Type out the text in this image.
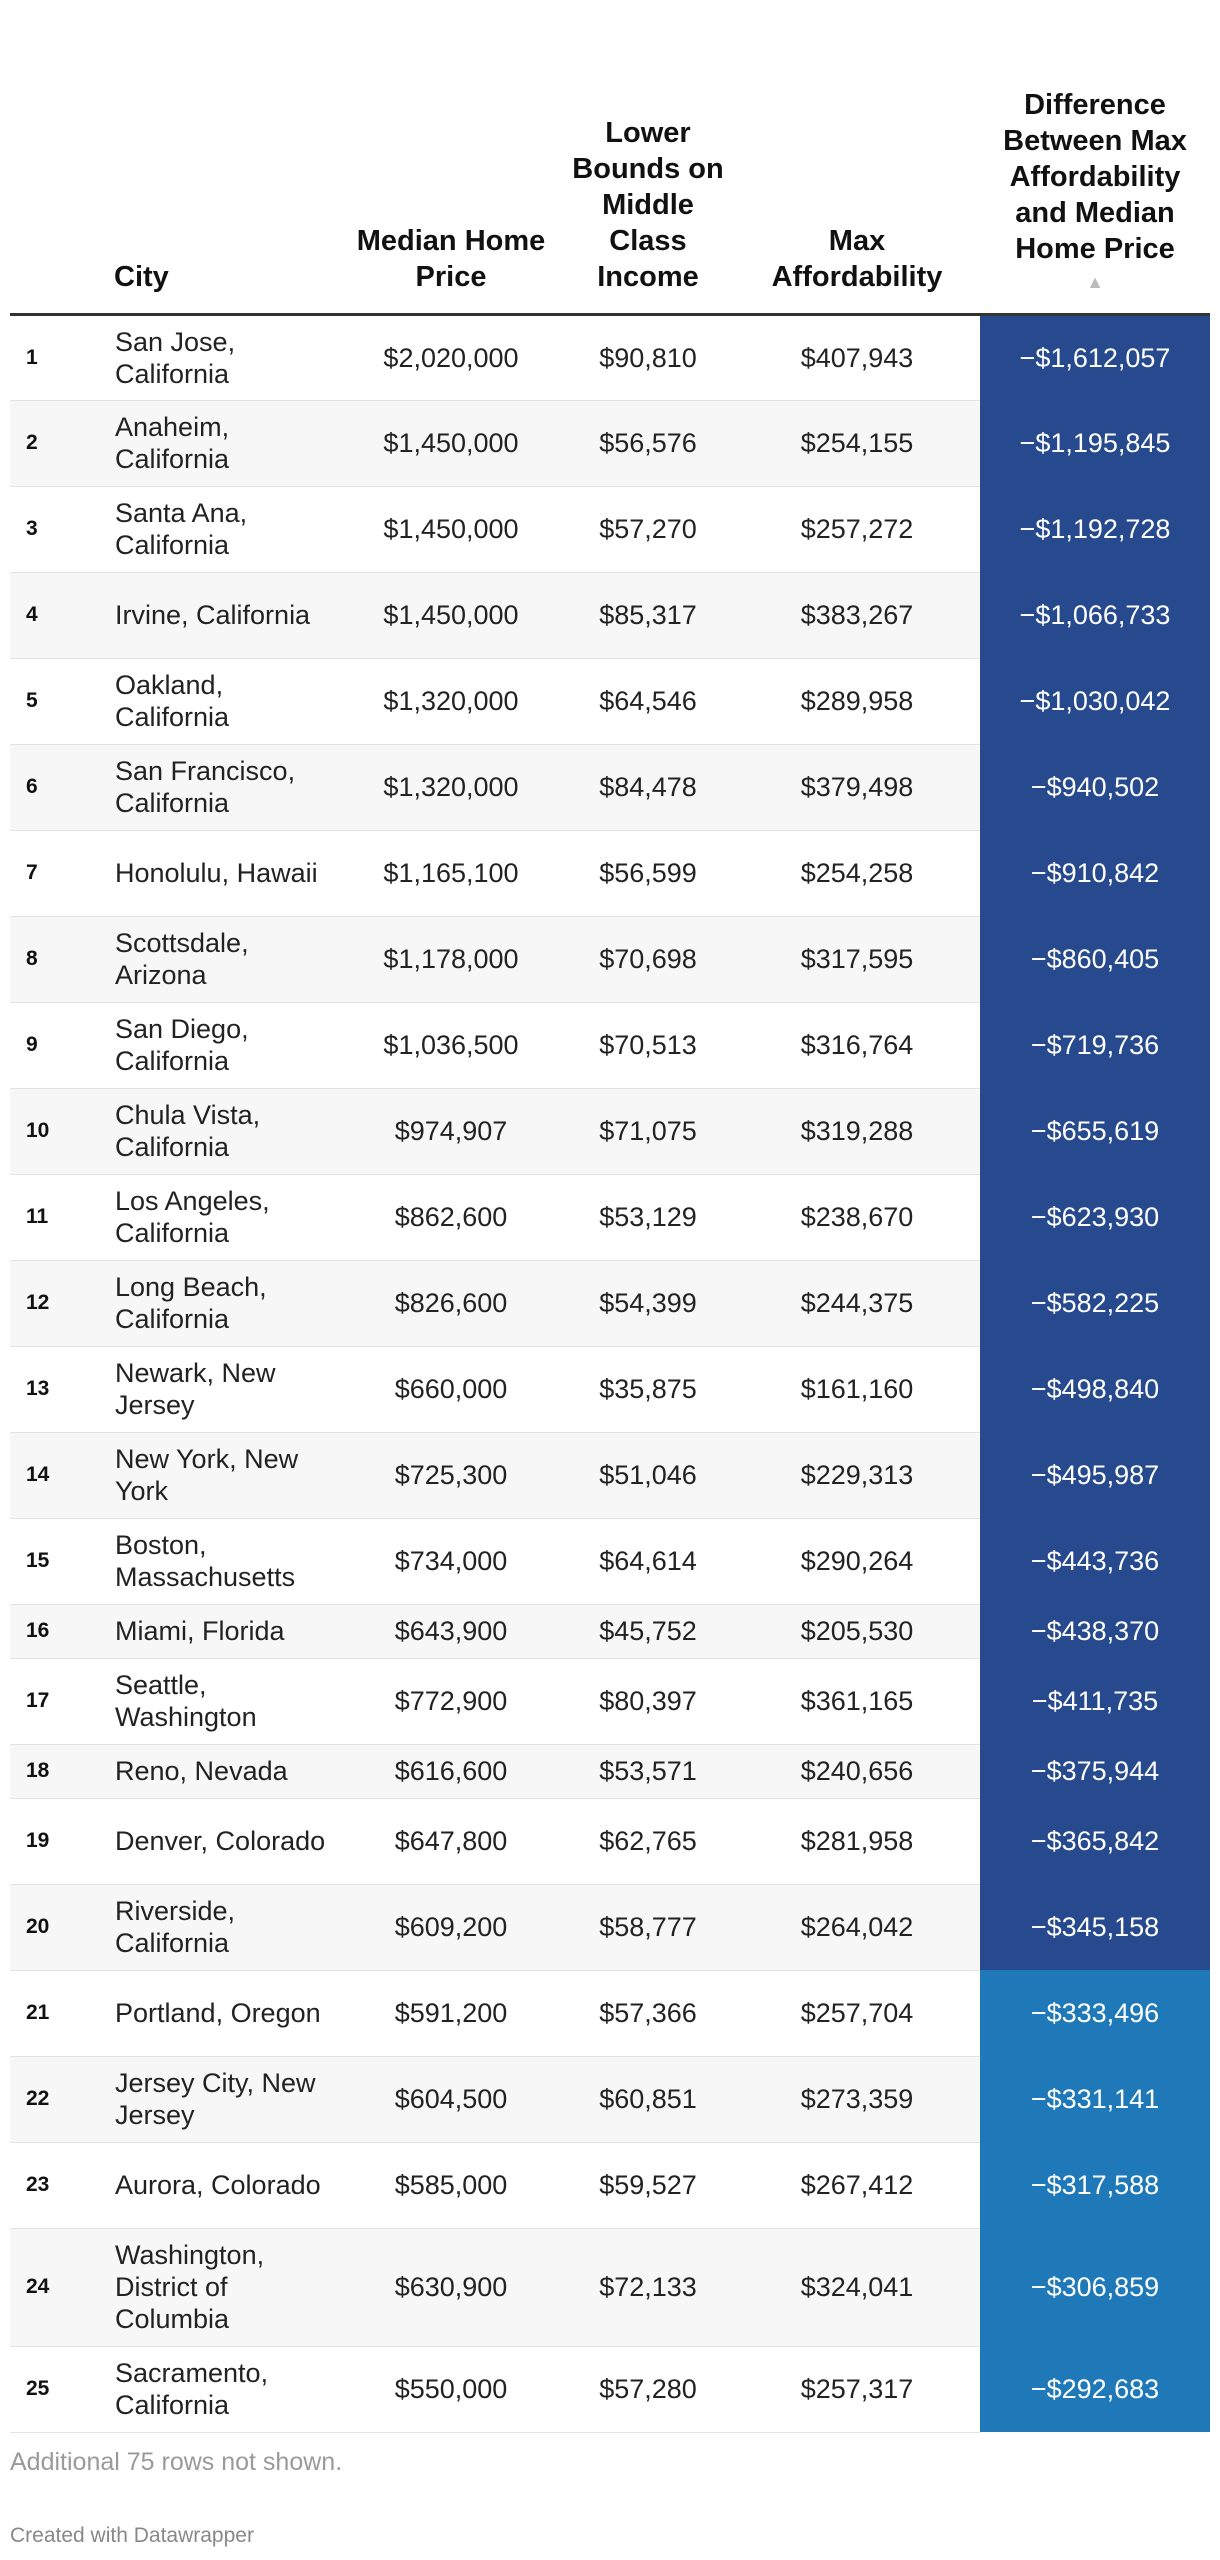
	City	Median Home Price	Lower Bounds on Middle Class Income	Max Affordability	Difference Between Max Affordability and Median Home Price
▲

1	San Jose, California	$2,020,000	$90,810	$407,943	−$1,612,057
2	Anaheim, California	$1,450,000	$56,576	$254,155	−$1,195,845
3	Santa Ana, California	$1,450,000	$57,270	$257,272	−$1,192,728
4	Irvine, California	$1,450,000	$85,317	$383,267	−$1,066,733
5	Oakland, California	$1,320,000	$64,546	$289,958	−$1,030,042
6	San Francisco, California	$1,320,000	$84,478	$379,498	−$940,502
7	Honolulu, Hawaii	$1,165,100	$56,599	$254,258	−$910,842
8	Scottsdale, Arizona	$1,178,000	$70,698	$317,595	−$860,405
9	San Diego, California	$1,036,500	$70,513	$316,764	−$719,736
10	Chula Vista, California	$974,907	$71,075	$319,288	−$655,619
11	Los Angeles, California	$862,600	$53,129	$238,670	−$623,930
12	Long Beach, California	$826,600	$54,399	$244,375	−$582,225
13	Newark, New Jersey	$660,000	$35,875	$161,160	−$498,840
14	New York, New York	$725,300	$51,046	$229,313	−$495,987
15	Boston, Massachusetts	$734,000	$64,614	$290,264	−$443,736
16	Miami, Florida	$643,900	$45,752	$205,530	−$438,370
17	Seattle, Washington	$772,900	$80,397	$361,165	−$411,735
18	Reno, Nevada	$616,600	$53,571	$240,656	−$375,944
19	Denver, Colorado	$647,800	$62,765	$281,958	−$365,842
20	Riverside, California	$609,200	$58,777	$264,042	−$345,158
21	Portland, Oregon	$591,200	$57,366	$257,704	−$333,496
22	Jersey City, New Jersey	$604,500	$60,851	$273,359	−$331,141
23	Aurora, Colorado	$585,000	$59,527	$267,412	−$317,588
24	Washington, District of Columbia	$630,900	$72,133	$324,041	−$306,859
25	Sacramento, California	$550,000	$57,280	$257,317	−$292,683
Additional 75 rows not shown.
Created with Datawrapper
